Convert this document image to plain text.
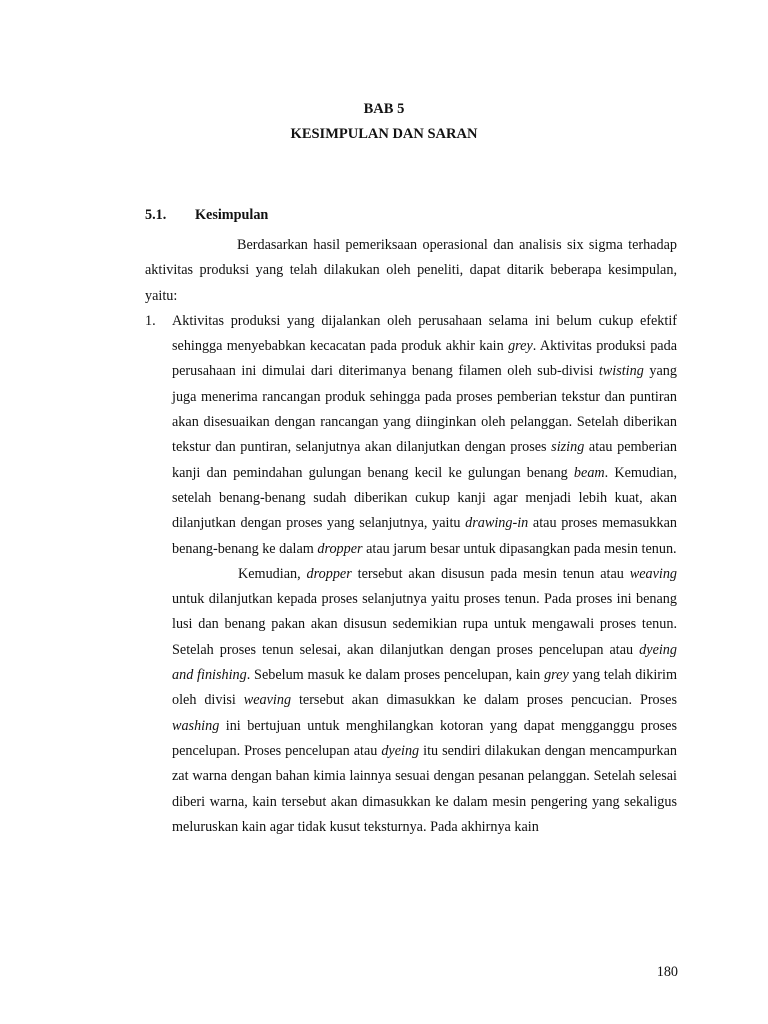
BAB 5
KESIMPULAN DAN SARAN
5.1. Kesimpulan

Berdasarkan hasil pemeriksaan operasional dan analisis six sigma terhadap aktivitas produksi yang telah dilakukan oleh peneliti, dapat ditarik beberapa kesimpulan, yaitu:

1.	Aktivitas produksi yang dijalankan oleh perusahaan selama ini belum cukup efektif sehingga menyebabkan kecacatan pada produk akhir kain grey. Aktivitas produksi pada perusahaan ini dimulai dari diterimanya benang filamen oleh sub-divisi twisting yang juga menerima rancangan produk sehingga pada proses pemberian tekstur dan puntiran akan disesuaikan dengan rancangan yang diinginkan oleh pelanggan. Setelah diberikan tekstur dan puntiran, selanjutnya akan dilanjutkan dengan proses sizing atau pemberian kanji dan pemindahan gulungan benang kecil ke gulungan benang beam. Kemudian, setelah benang-benang sudah diberikan cukup kanji agar menjadi lebih kuat, akan dilanjutkan dengan proses yang selanjutnya, yaitu drawing-in atau proses memasukkan benang-benang ke dalam dropper atau jarum besar untuk dipasangkan pada mesin tenun.

Kemudian, dropper tersebut akan disusun pada mesin tenun atau weaving untuk dilanjutkan kepada proses selanjutnya yaitu proses tenun. Pada proses ini benang lusi dan benang pakan akan disusun sedemikian rupa untuk mengawali proses tenun. Setelah proses tenun selesai, akan dilanjutkan dengan proses pencelupan atau dyeing and finishing. Sebelum masuk ke dalam proses pencelupan, kain grey yang telah dikirim oleh divisi weaving tersebut akan dimasukkan ke dalam proses pencucian. Proses washing ini bertujuan untuk menghilangkan kotoran yang dapat mengganggu proses pencelupan. Proses pencelupan atau dyeing itu sendiri dilakukan dengan mencampurkan zat warna dengan bahan kimia lainnya sesuai dengan pesanan pelanggan. Setelah selesai diberi warna, kain tersebut akan dimasukkan ke dalam mesin pengering yang sekaligus meluruskan kain agar tidak kusut teksturnya. Pada akhirnya kain

180
